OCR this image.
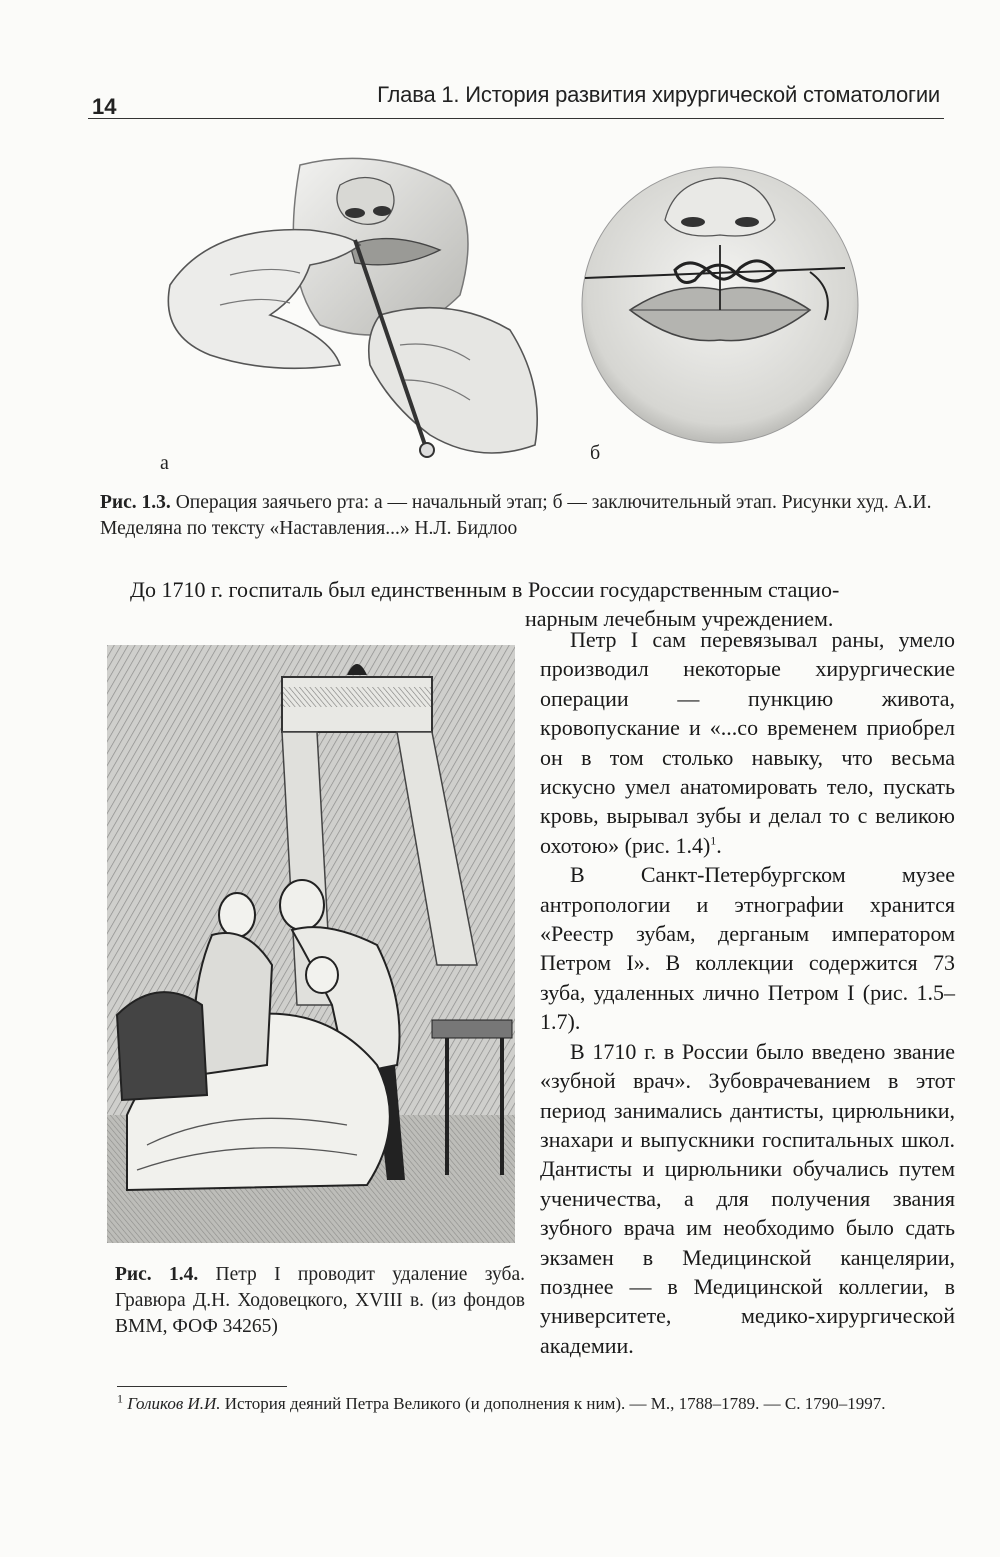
14	Глава 1. История развития хирургической стоматологии
а	б
Рис. 1.3. Операция заячьего рта: а — начальный этап; б — заключительный этап. Рисунки худ. А.И. Меделяна по тексту «Наставления...» Н.Л. Бидлоо
До 1710 г. госпиталь был единственным в России государственным стацио-
нарным лечебным учреждением.

Петр I сам перевязывал раны, умело производил некоторые хирургические операции — пункцию живота, кровопускание и «...со временем приобрел он в том столько навыку, что весьма искусно умел анатомировать тело, пускать кровь, вырывал зубы и делал то с великою охотою» (рис. 1.4)$^1$.

В Санкт-Петербургском музее антропологии и этнографии хранится «Реестр зубам, дерганым императором Петром I». В коллекции содержится 73 зуба, удаленных лично Петром I (рис. 1.5–1.7).

В 1710 г. в России было введено звание «зубной врач». Зубоврачеванием в этот период занимались дантисты, цирюльники, знахари и выпускники госпитальных школ. Дантисты и цирюльники обучались путем ученичества, а для получения звания зубного врача им необходимо было сдать экзамен в Медицинской канцелярии, позднее — в Медицинской коллегии, в университете, медико-хирургической академии.

Рис. 1.4. Петр I проводит удаление зуба. Гравюра Д.Н. Ходовецкого, XVIII в. (из фондов ВММ, ФОФ 34265)
$^1$ Голиков И.И. История деяний Петра Великого (и дополнения к ним). — М., 1788–1789. — С. 1790–1997.
